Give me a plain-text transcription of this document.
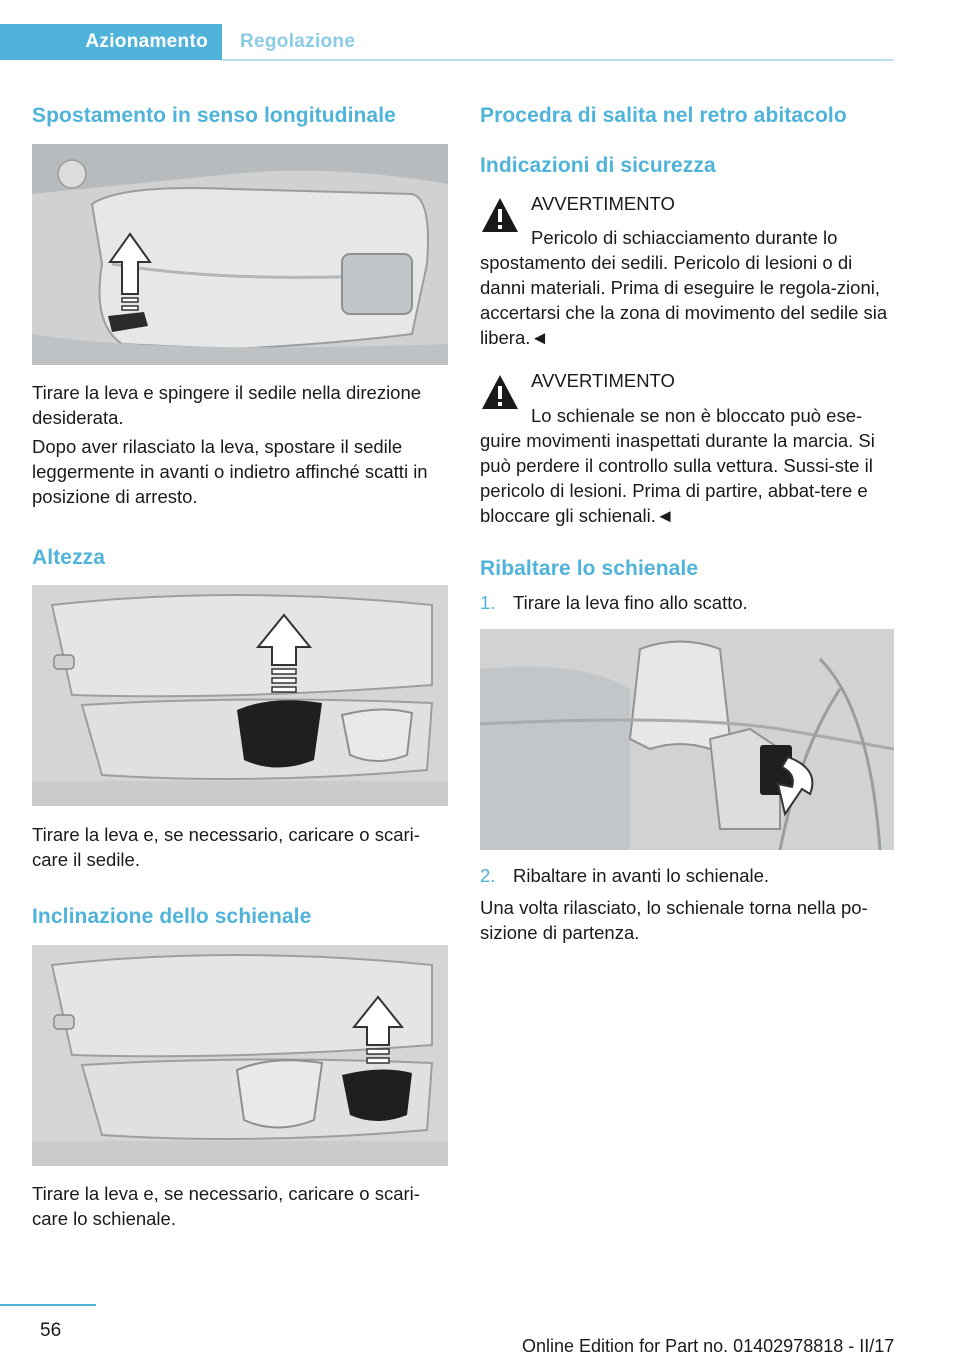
Azionamento	Regolazione
Spostamento in senso longitudinale

Tirare la leva e spingere il sedile nella direzione desiderata.

Dopo aver rilasciato la leva, spostare il sedile leggermente in avanti o indietro affinché scatti in posizione di arresto.

Altezza

Tirare la leva e, se necessario, caricare o scari-care il sedile.

Inclinazione dello schienale

Tirare la leva e, se necessario, caricare o scari-care lo schienale.

Procedra di salita nel retro abitacolo
Indicazioni di sicurezza
AVVERTIMENTO

Pericolo di schiacciamento durante lo spostamento dei sedili. Pericolo di lesioni o di danni materiali. Prima di eseguire le regola-zioni, accertarsi che la zona di movimento del sedile sia libera.◄

AVVERTIMENTO

Lo schienale se non è bloccato può ese-guire movimenti inaspettati durante la marcia. Si può perdere il controllo sulla vettura. Sussi-ste il pericolo di lesioni. Prima di partire, abbat-tere e bloccare gli schienali.◄

Ribaltare lo schienale
1. Tirare la leva fino allo scatto.
2. Ribaltare in avanti lo schienale.

Una volta rilasciato, lo schienale torna nella po-sizione di partenza.

56
Online Edition for Part no. 01402978818 - II/17
